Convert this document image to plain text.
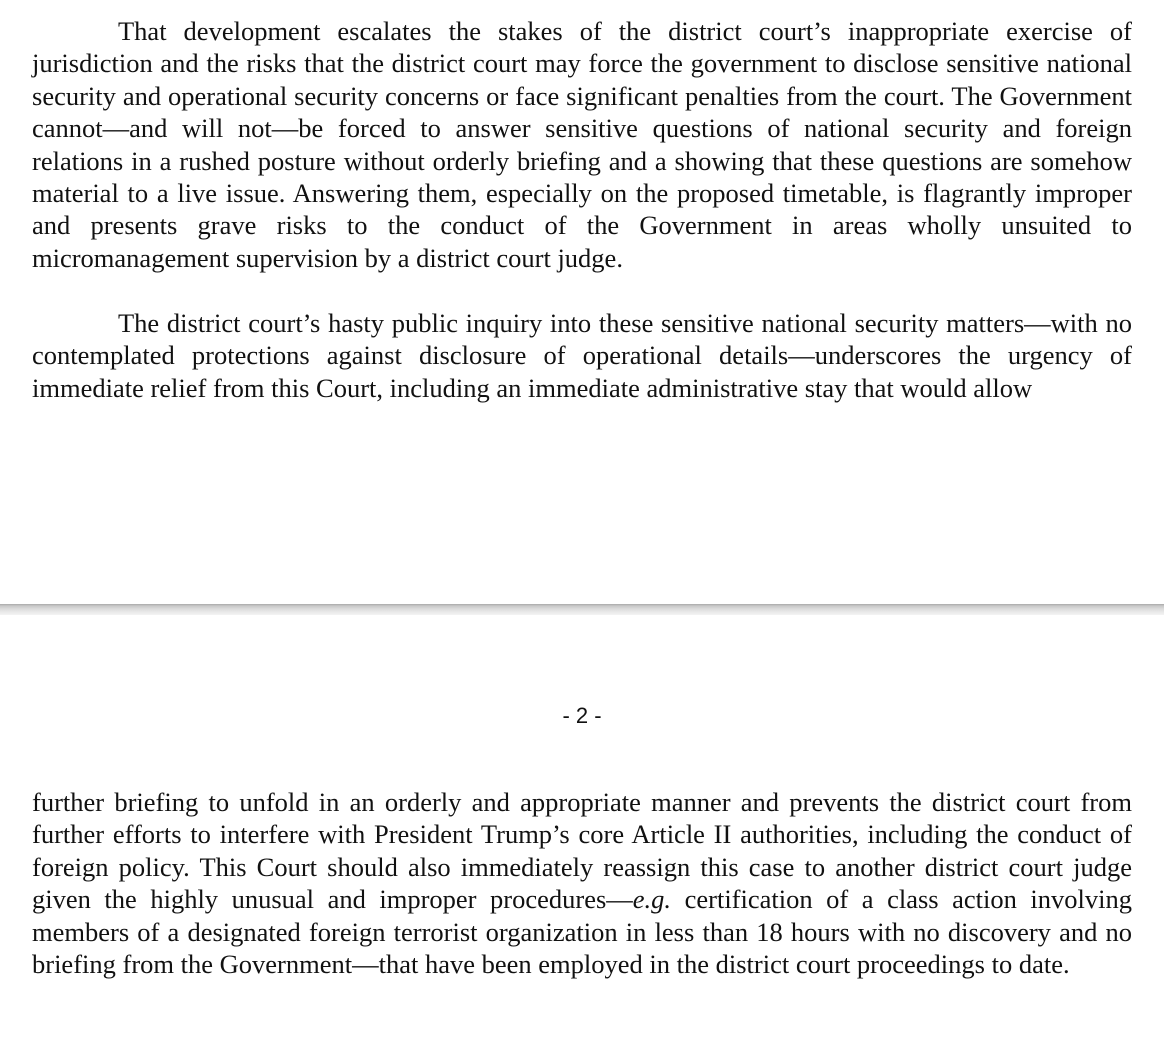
That development escalates the stakes of the district court’s inappropriate exercise of jurisdiction and the risks that the district court may force the government to disclose sensitive national security and operational security concerns or face significant penalties from the court. The Government cannot—and will not—be forced to answer sensitive questions of national security and foreign relations in a rushed posture without orderly briefing and a showing that these questions are somehow material to a live issue. Answering them, especially on the proposed timetable, is flagrantly improper and presents grave risks to the conduct of the Government in areas wholly unsuited to micromanagement supervision by a district court judge.

The district court’s hasty public inquiry into these sensitive national security matters—with no contemplated protections against disclosure of operational details—underscores the urgency of immediate relief from this Court, including an immediate administrative stay that would allow

- 2 -

further briefing to unfold in an orderly and appropriate manner and prevents the district court from further efforts to interfere with President Trump’s core Article II authorities, including the conduct of foreign policy. This Court should also immediately reassign this case to another district court judge given the highly unusual and improper procedures—e.g. certification of a class action involving members of a designated foreign terrorist organization in less than 18 hours with no discovery and no briefing from the Government—that have been employed in the district court proceedings to date.
